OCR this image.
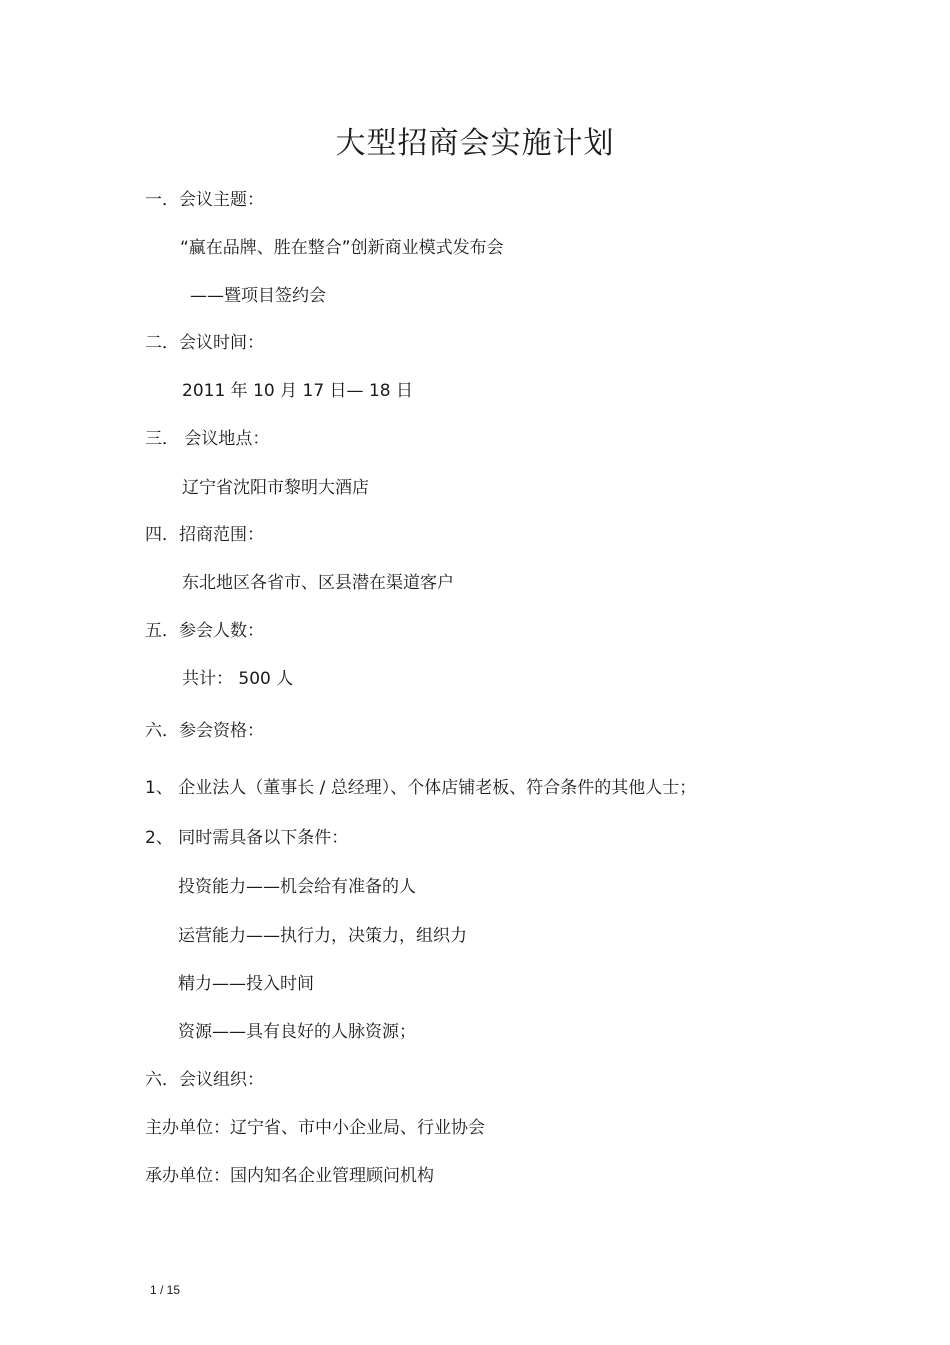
大型招商会实施计划
一．会议主题：
“赢在品牌、胜在整合”创新商业模式发布会
——暨项目签约会
二．会议时间：
2011 年 10 月 17 日— 18 日
三． 会议地点：
辽宁省沈阳市黎明大酒店
四．招商范围：
东北地区各省市、区县潜在渠道客户
五．参会人数：
共计： 500 人
六．参会资格：
1、 企业法人（董事长 / 总经理）、个体店铺老板、符合条件的其他人士；
2、 同时需具备以下条件：
投资能力——机会给有准备的人
运营能力——执行力，决策力，组织力
精力——投入时间
资源——具有良好的人脉资源；
六．会议组织：
主办单位：辽宁省、市中小企业局、行业协会
承办单位：国内知名企业管理顾问机构
1 / 15
